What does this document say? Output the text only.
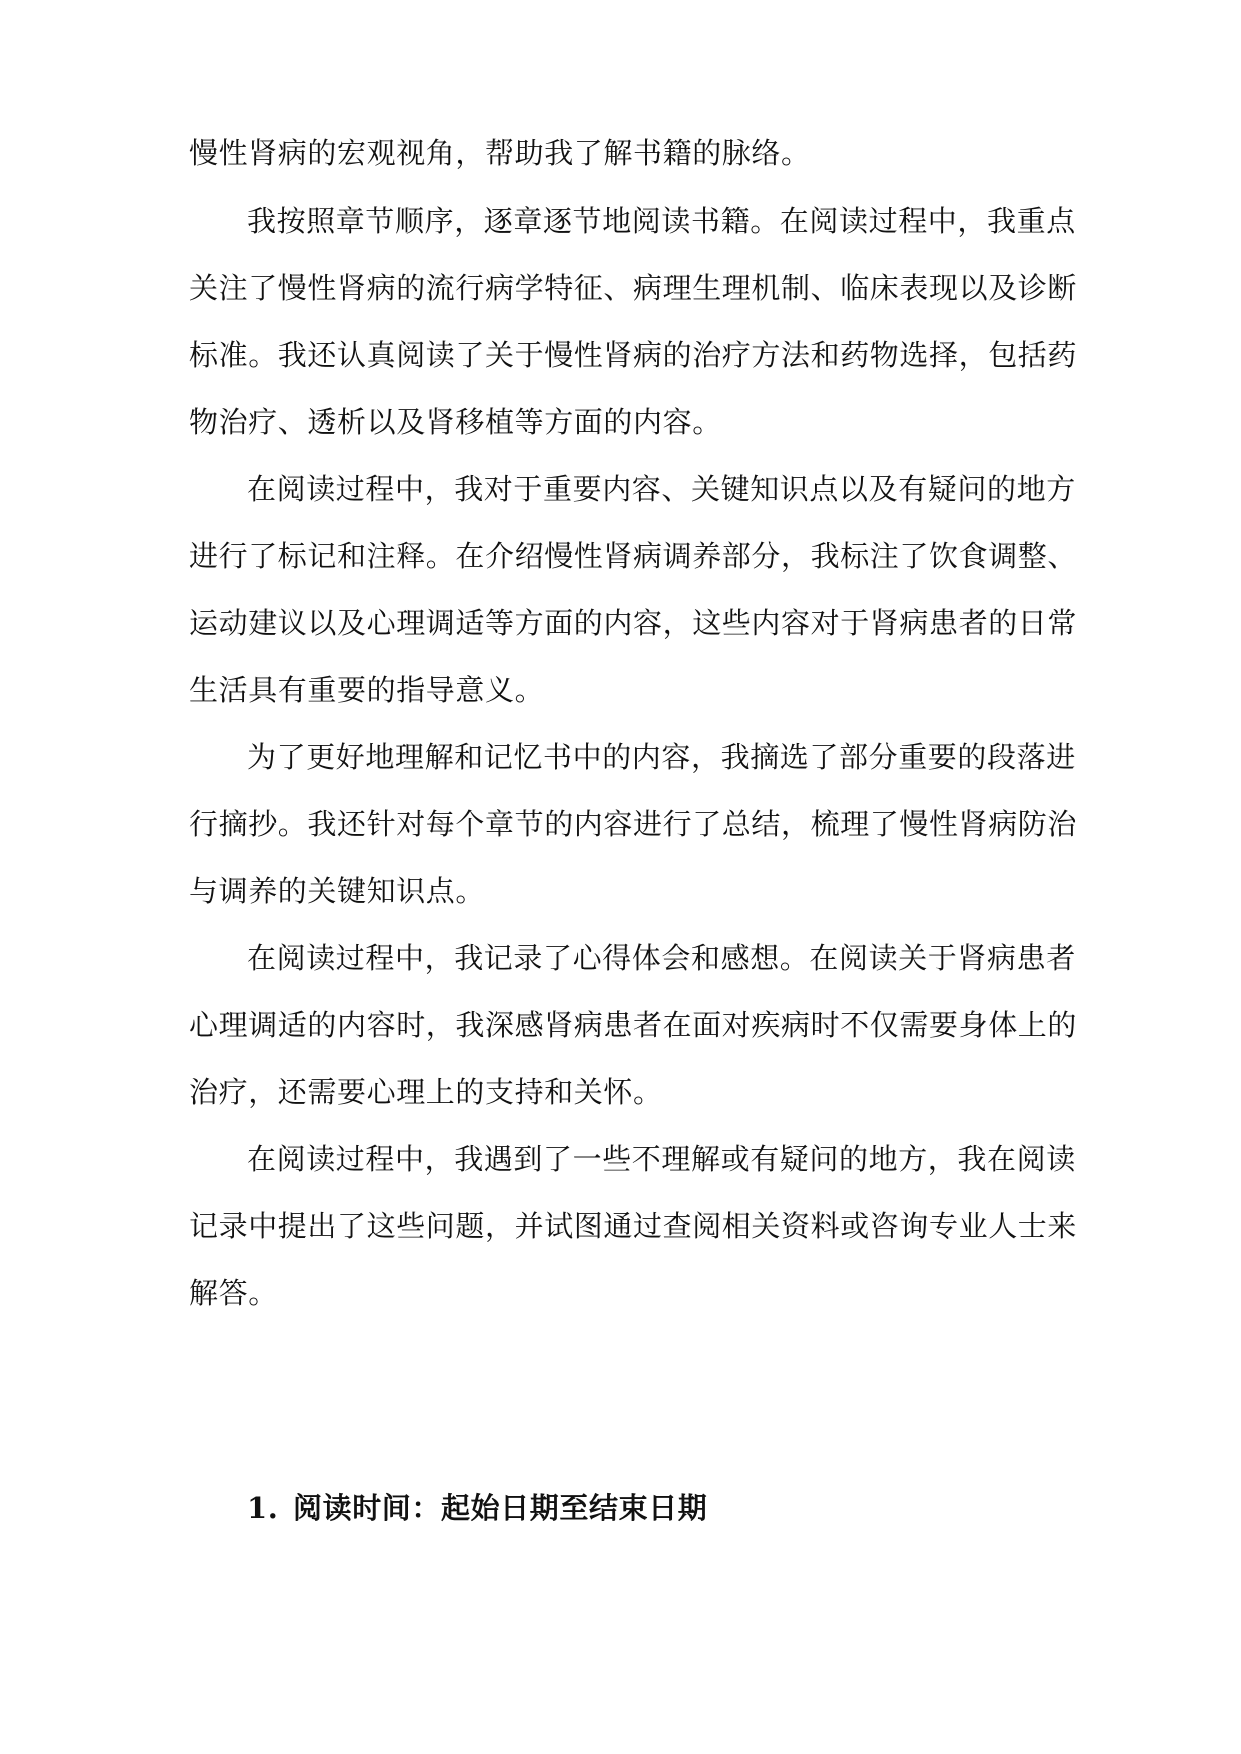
慢性肾病的宏观视角，帮助我了解书籍的脉络。
我按照章节顺序，逐章逐节地阅读书籍。在阅读过程中，我重点
关注了慢性肾病的流行病学特征、病理生理机制、临床表现以及诊断
标准。我还认真阅读了关于慢性肾病的治疗方法和药物选择，包括药
物治疗、透析以及肾移植等方面的内容。
在阅读过程中，我对于重要内容、关键知识点以及有疑问的地方
进行了标记和注释。在介绍慢性肾病调养部分，我标注了饮食调整、
运动建议以及心理调适等方面的内容，这些内容对于肾病患者的日常
生活具有重要的指导意义。
为了更好地理解和记忆书中的内容，我摘选了部分重要的段落进
行摘抄。我还针对每个章节的内容进行了总结，梳理了慢性肾病防治
与调养的关键知识点。
在阅读过程中，我记录了心得体会和感想。在阅读关于肾病患者
心理调适的内容时，我深感肾病患者在面对疾病时不仅需要身体上的
治疗，还需要心理上的支持和关怀。
在阅读过程中，我遇到了一些不理解或有疑问的地方，我在阅读
记录中提出了这些问题，并试图通过查阅相关资料或咨询专业人士来
解答。
1. 阅读时间：起始日期至结束日期
